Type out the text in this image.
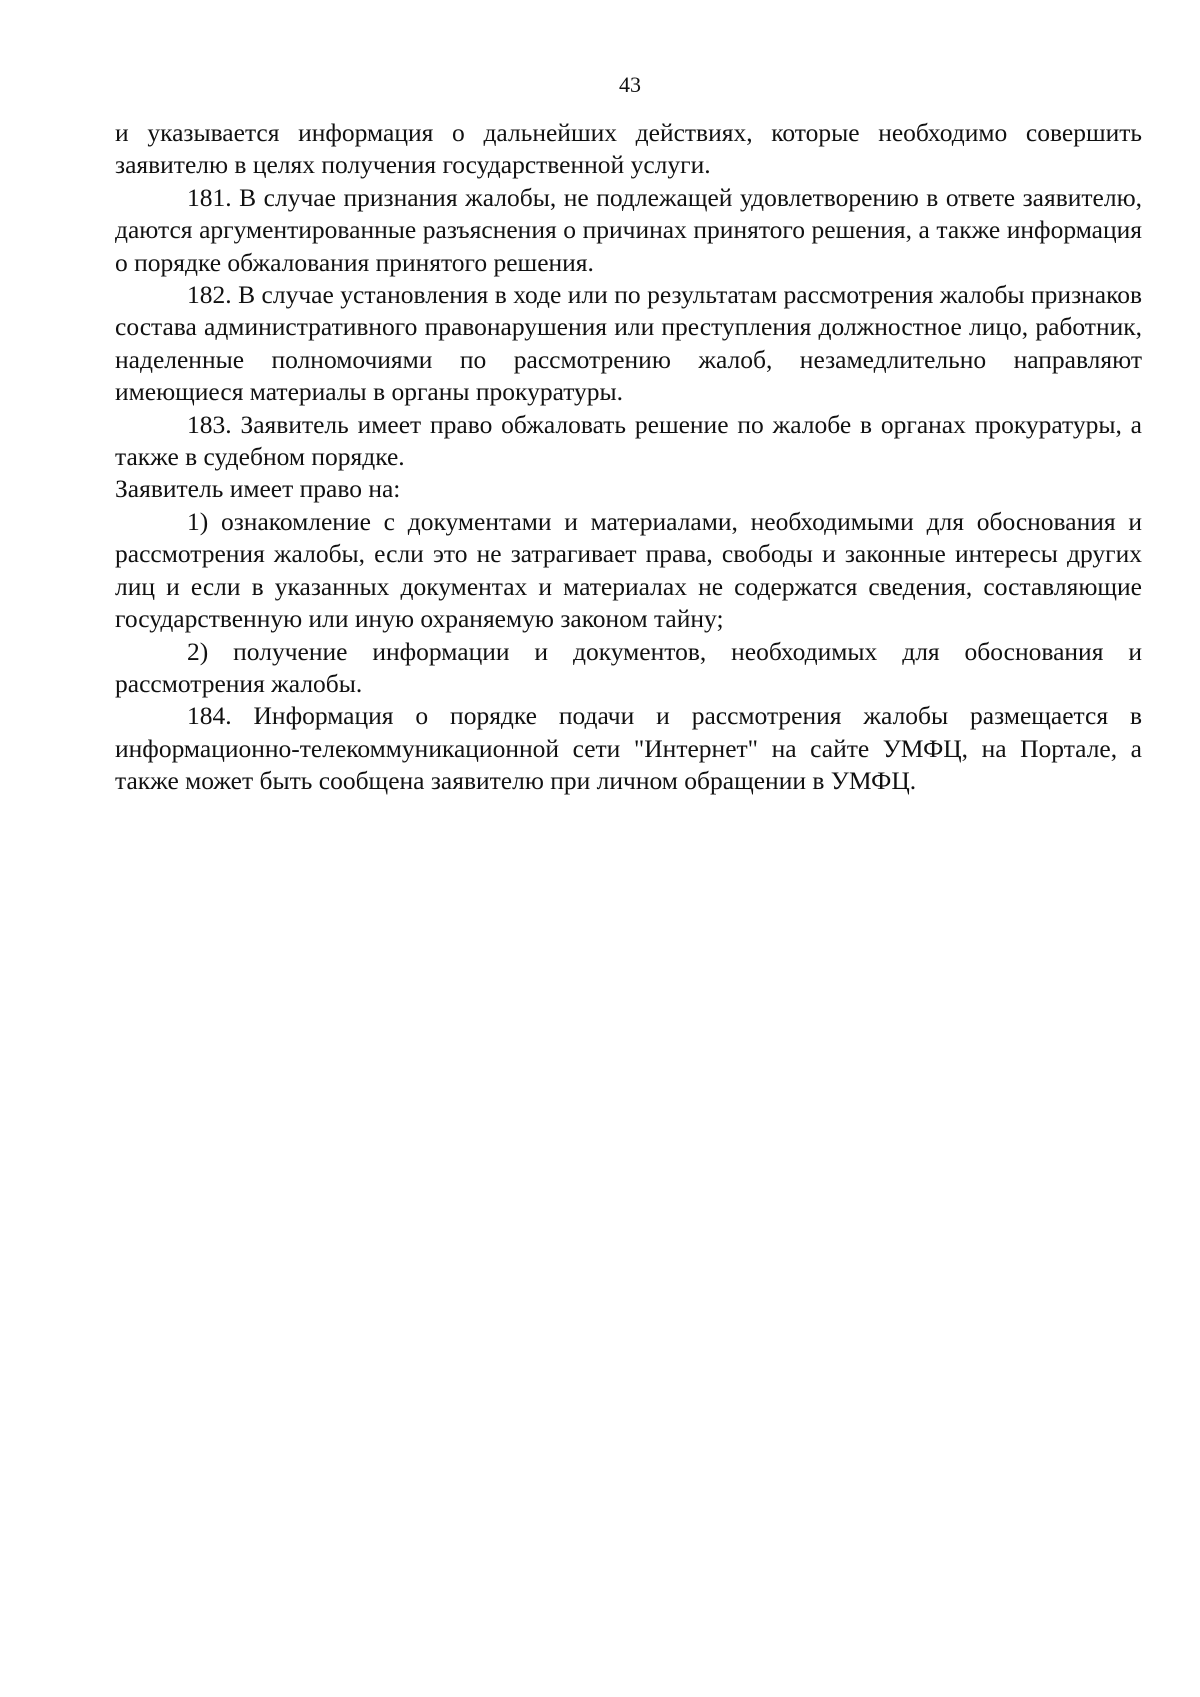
43

и указывается информация о дальнейших действиях, которые необходимо совершить заявителю в целях получения государственной услуги.

181. В случае признания жалобы, не подлежащей удовлетворению в ответе заявителю, даются аргументированные разъяснения о причинах принятого решения, а также информация о порядке обжалования принятого решения.

182. В случае установления в ходе или по результатам рассмотрения жалобы признаков состава административного правонарушения или преступления должностное лицо, работник, наделенные полномочиями по рассмотрению жалоб, незамедлительно направляют имеющиеся материалы в органы прокуратуры.

183. Заявитель имеет право обжаловать решение по жалобе в органах прокуратуры, а также в судебном порядке.

Заявитель имеет право на:

1) ознакомление с документами и материалами, необходимыми для обоснования и рассмотрения жалобы, если это не затрагивает права, свободы и законные интересы других лиц и если в указанных документах и материалах не содержатся сведения, составляющие государственную или иную охраняемую законом тайну;

2) получение информации и документов, необходимых для обоснования и рассмотрения жалобы.

184. Информация о порядке подачи и рассмотрения жалобы размещается в информационно-телекоммуникационной сети "Интернет" на сайте УМФЦ, на Портале, а также может быть сообщена заявителю при личном обращении в УМФЦ.
